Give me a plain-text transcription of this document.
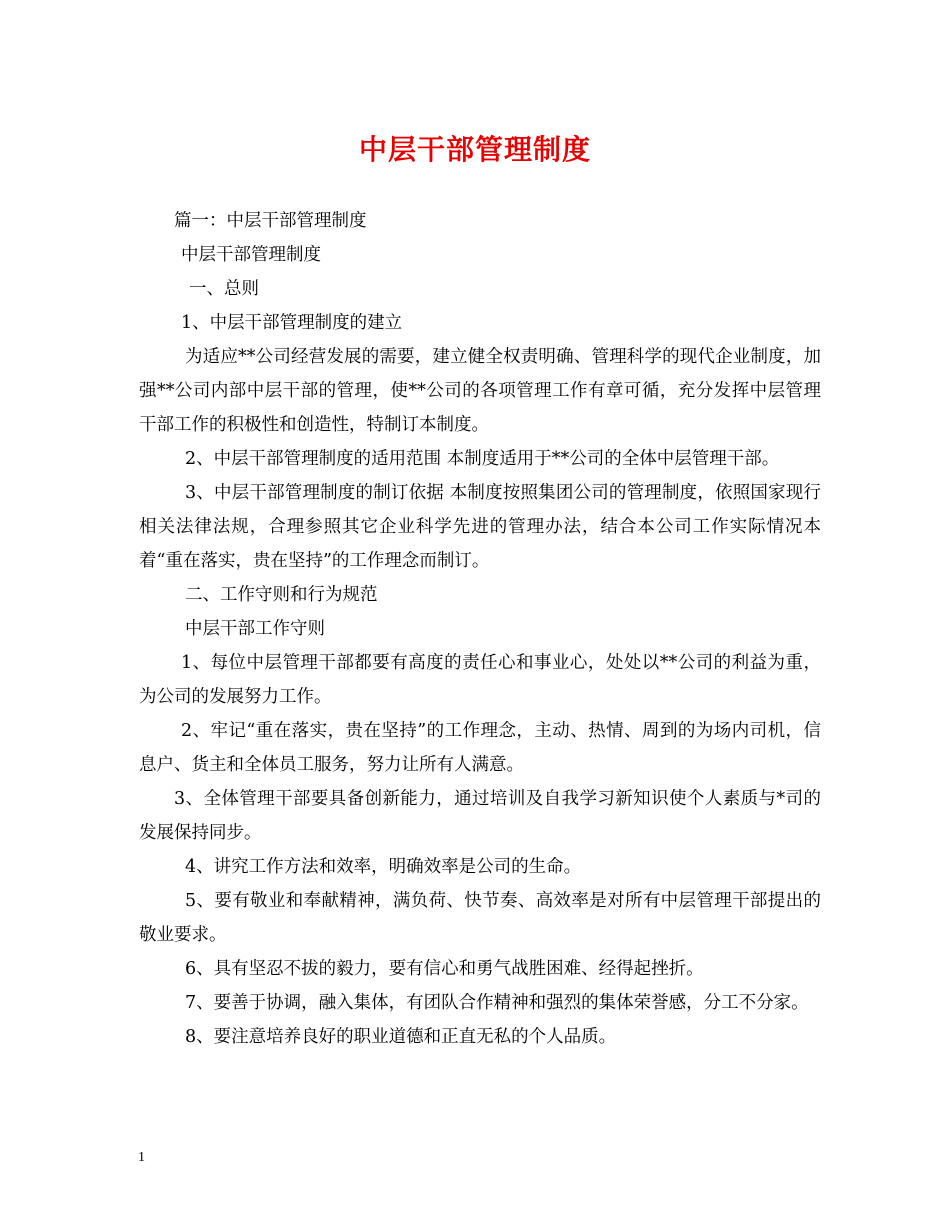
中层干部管理制度

篇一：中层干部管理制度

中层干部管理制度

一、总则

1、中层干部管理制度的建立

为适应**公司经营发展的需要，建立健全权责明确、管理科学的现代企业制度，加强**公司内部中层干部的管理，使**公司的各项管理工作有章可循，充分发挥中层管理干部工作的积极性和创造性，特制订本制度。

2、中层干部管理制度的适用范围 本制度适用于**公司的全体中层管理干部。

3、中层干部管理制度的制订依据 本制度按照集团公司的管理制度，依照国家现行相关法律法规，合理参照其它企业科学先进的管理办法，结合本公司工作实际情况本着“重在落实，贵在坚持”的工作理念而制订。

二、工作守则和行为规范

中层干部工作守则

1、每位中层管理干部都要有高度的责任心和事业心，处处以**公司的利益为重，为公司的发展努力工作。

2、牢记“重在落实，贵在坚持”的工作理念，主动、热情、周到的为场内司机，信息户、货主和全体员工服务，努力让所有人满意。

3、全体管理干部要具备创新能力，通过培训及自我学习新知识使个人素质与*司的发展保持同步。

4、讲究工作方法和效率，明确效率是公司的生命。

5、要有敬业和奉献精神，满负荷、快节奏、高效率是对所有中层管理干部提出的敬业要求。

6、具有坚忍不拔的毅力，要有信心和勇气战胜困难、经得起挫折。

7、要善于协调，融入集体，有团队合作精神和强烈的集体荣誉感，分工不分家。

8、要注意培养良好的职业道德和正直无私的个人品质。

1
